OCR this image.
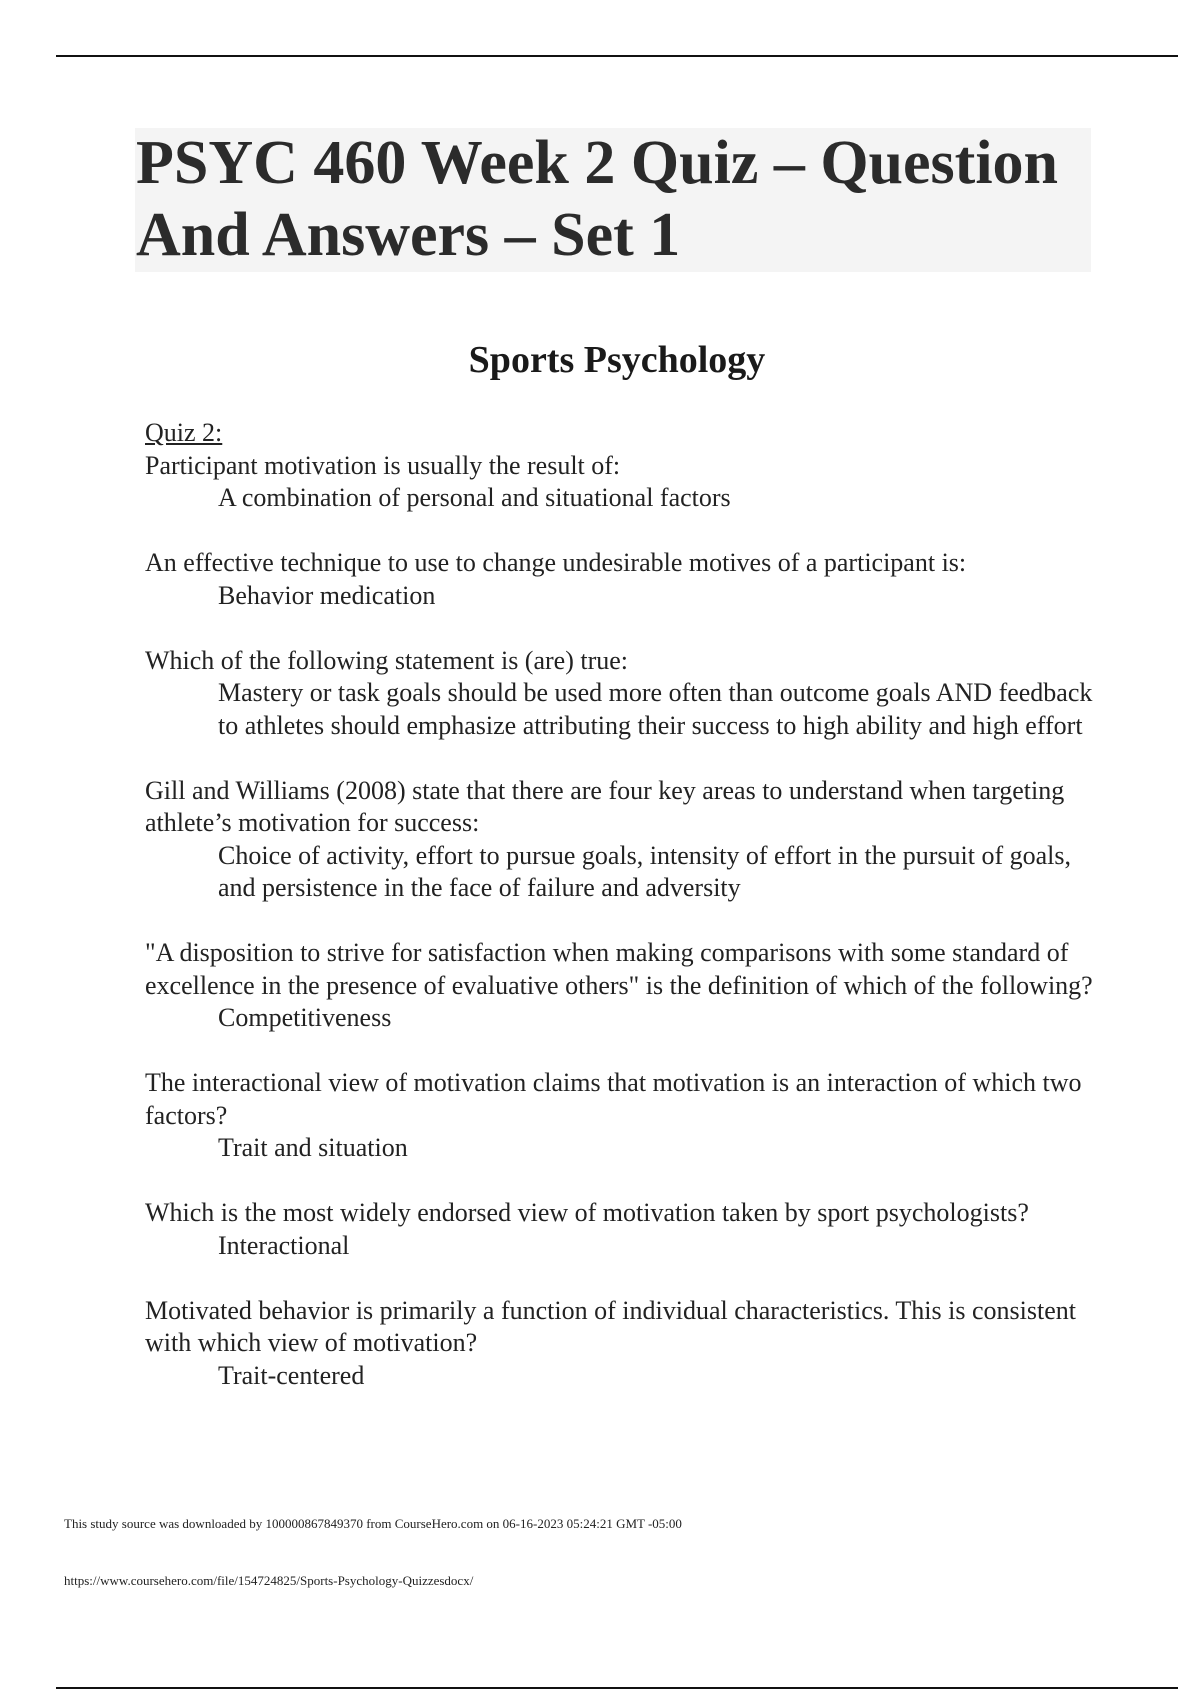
PSYC 460 Week 2 Quiz – Question
And Answers – Set 1
Sports Psychology
Quiz 2:
Participant motivation is usually the result of:
A combination of personal and situational factors
An effective technique to use to change undesirable motives of a participant is:
Behavior medication
Which of the following statement is (are) true:
Mastery or task goals should be used more often than outcome goals AND feedback to athletes should emphasize attributing their success to high ability and high effort
Gill and Williams (2008) state that there are four key areas to understand when targeting athlete’s motivation for success:
Choice of activity, effort to pursue goals, intensity of effort in the pursuit of goals, and persistence in the face of failure and adversity
"A disposition to strive for satisfaction when making comparisons with some standard of excellence in the presence of evaluative others" is the definition of which of the following?
Competitiveness
The interactional view of motivation claims that motivation is an interaction of which two factors?
Trait and situation
Which is the most widely endorsed view of motivation taken by sport psychologists?
Interactional
Motivated behavior is primarily a function of individual characteristics. This is consistent with which view of motivation?
Trait-centered
This study source was downloaded by 100000867849370 from CourseHero.com on 06-16-2023 05:24:21 GMT -05:00
https://www.coursehero.com/file/154724825/Sports-Psychology-Quizzesdocx/
